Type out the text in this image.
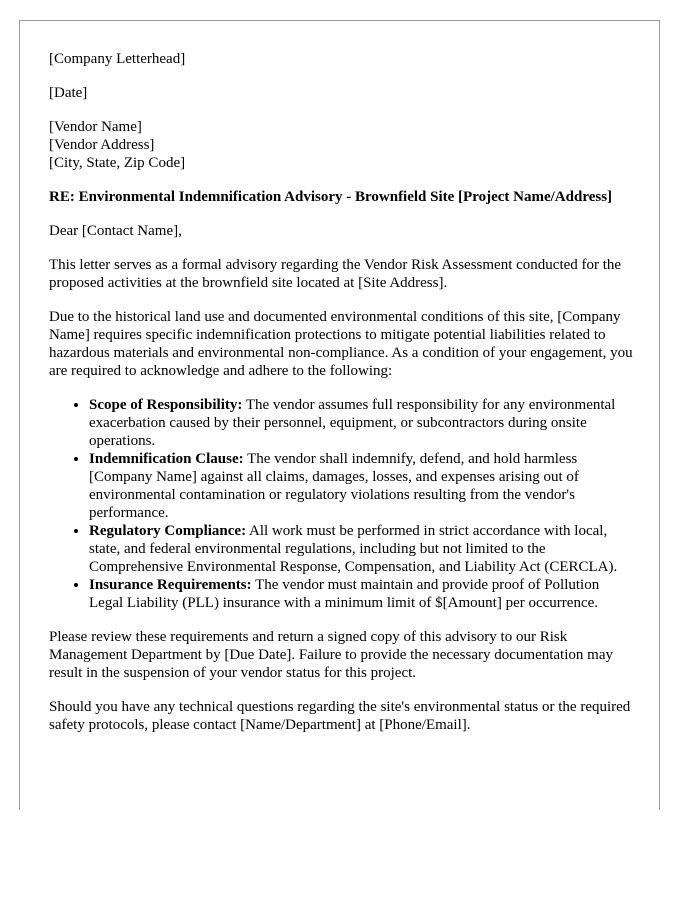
[Company Letterhead]

[Date]

[Vendor Name]
[Vendor Address]
[City, State, Zip Code]

RE: Environmental Indemnification Advisory - Brownfield Site [Project Name/Address]

Dear [Contact Name],

This letter serves as a formal advisory regarding the Vendor Risk Assessment conducted for the proposed activities at the brownfield site located at [Site Address].

Due to the historical land use and documented environmental conditions of this site, [Company Name] requires specific indemnification protections to mitigate potential liabilities related to hazardous materials and environmental non-compliance. As a condition of your engagement, you are required to acknowledge and adhere to the following:

• Scope of Responsibility: The vendor assumes full responsibility for any environmental exacerbation caused by their personnel, equipment, or subcontractors during onsite operations.
• Indemnification Clause: The vendor shall indemnify, defend, and hold harmless [Company Name] against all claims, damages, losses, and expenses arising out of environmental contamination or regulatory violations resulting from the vendor's performance.
• Regulatory Compliance: All work must be performed in strict accordance with local, state, and federal environmental regulations, including but not limited to the Comprehensive Environmental Response, Compensation, and Liability Act (CERCLA).
• Insurance Requirements: The vendor must maintain and provide proof of Pollution Legal Liability (PLL) insurance with a minimum limit of $[Amount] per occurrence.

Please review these requirements and return a signed copy of this advisory to our Risk Management Department by [Due Date]. Failure to provide the necessary documentation may result in the suspension of your vendor status for this project.

Should you have any technical questions regarding the site's environmental status or the required safety protocols, please contact [Name/Department] at [Phone/Email].
